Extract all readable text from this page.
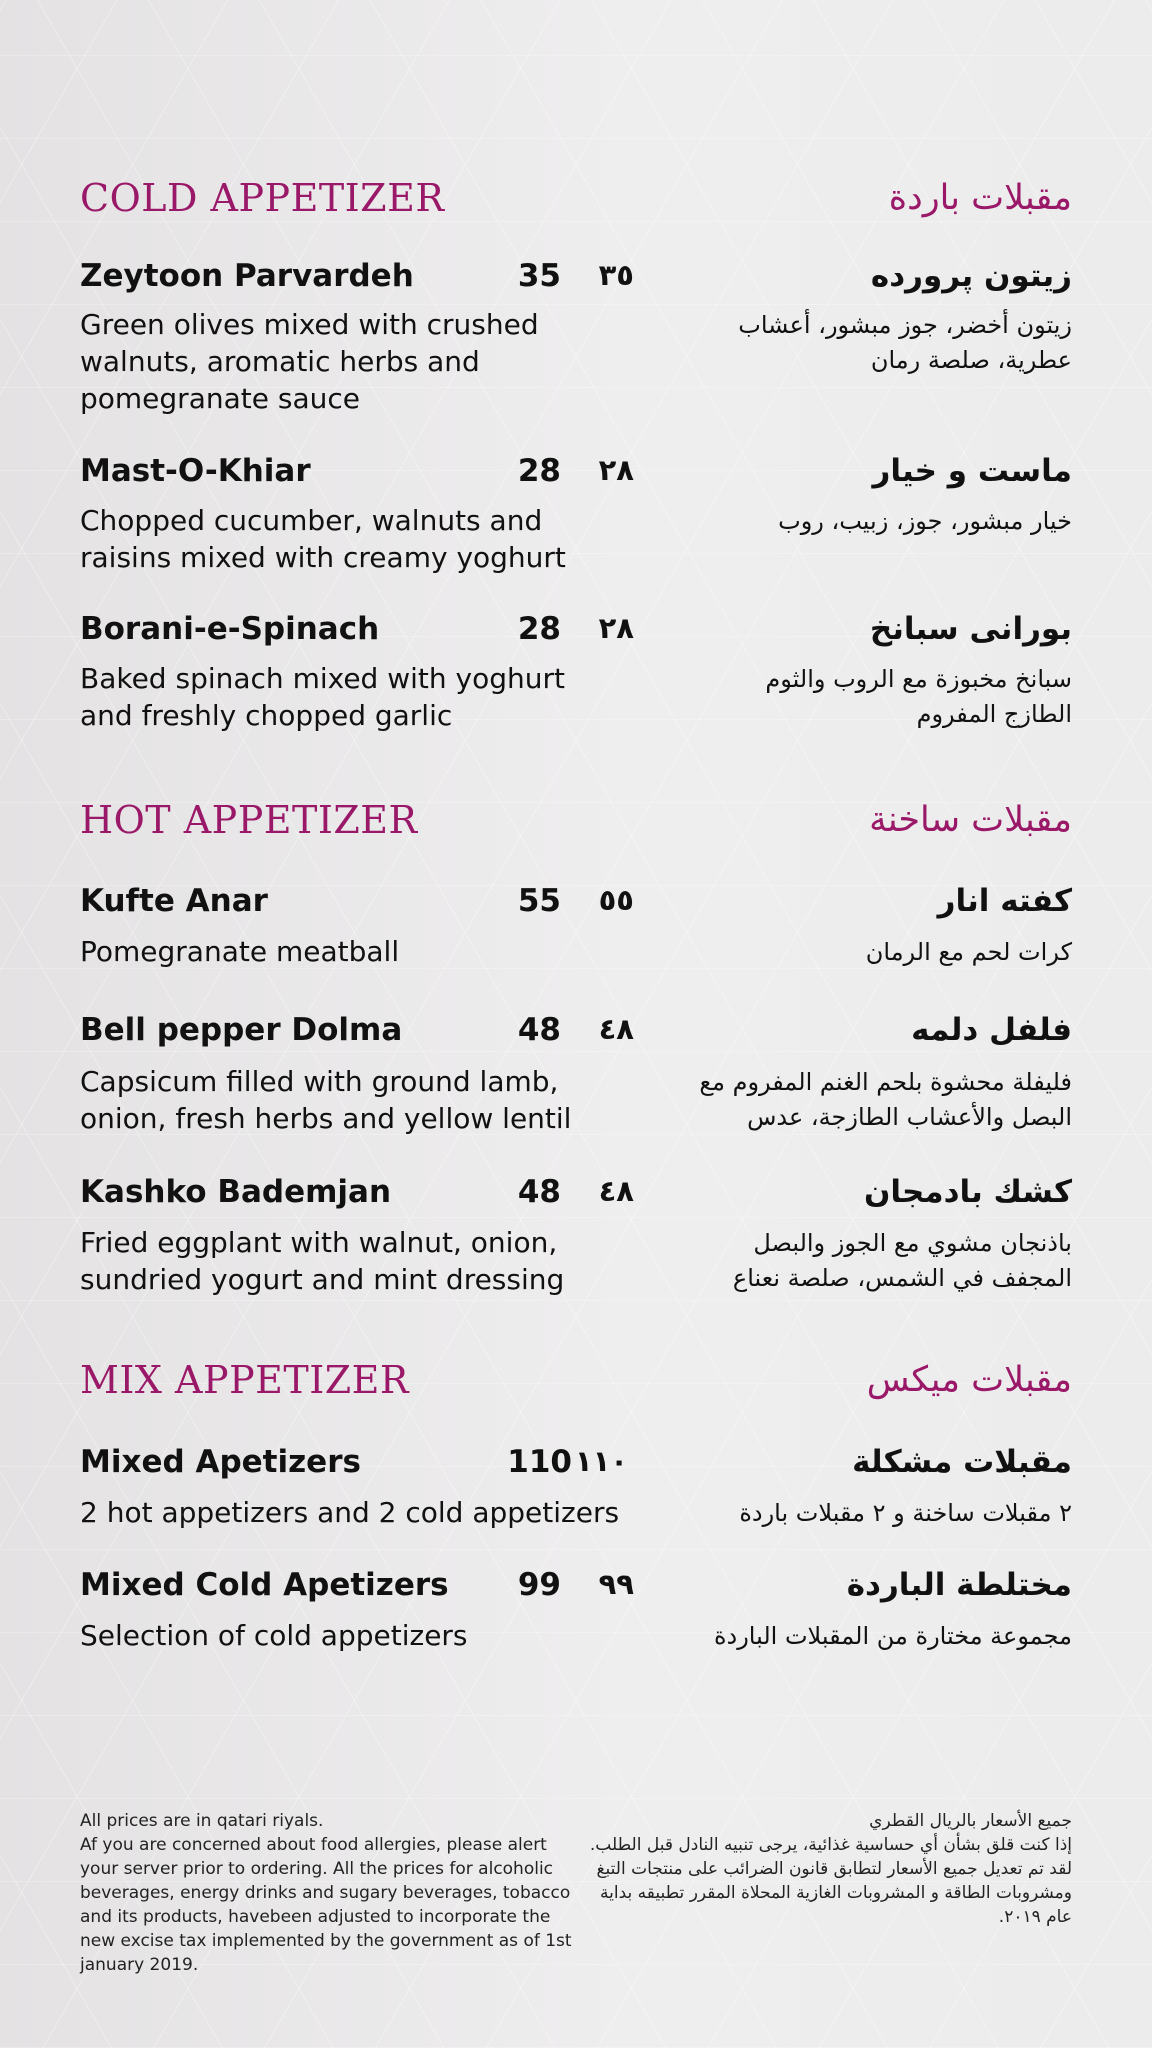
COLD APPETIZER	مقبلات باردة
Zeytoon Parvardeh	35 ٣٥	زيتون پرورده
Green olives mixed with crushed walnuts, aromatic herbs and pomegranate sauce
زيتون أخضر، جوز مبشور، أعشاب عطرية، صلصة رمان
Mast-O-Khiar	28 ٢٨	ماست و خيار
Chopped cucumber, walnuts and raisins mixed with creamy yoghurt
خيار مبشور، جوز، زبيب، روب
Borani-e-Spinach	28 ٢٨	بورانی سبانخ
Baked spinach mixed with yoghurt and freshly chopped garlic
سبانخ مخبوزة مع الروب والثوم الطازج المفروم
HOT APPETIZER	مقبلات ساخنة
Kufte Anar	55 ٥٥	كفته انار
Pomegranate meatball	كرات لحم مع الرمان
Bell pepper Dolma	48 ٤٨	فلفل دلمه
Capsicum filled with ground lamb, onion, fresh herbs and yellow lentil
فليفلة محشوة بلحم الغنم المفروم مع البصل والأعشاب الطازجة، عدس
Kashko Bademjan	48 ٤٨	كشك بادمجان
Fried eggplant with walnut, onion, sundried yogurt and mint dressing
باذنجان مشوي مع الجوز والبصل المجفف في الشمس، صلصة نعناع
MIX APPETIZER	مقبلات ميكس
Mixed Apetizers	110 ١١٠	مقبلات مشكلة
2 hot appetizers and 2 cold appetizers	٢ مقبلات ساخنة و ٢ مقبلات باردة
Mixed Cold Apetizers 99 ٩٩	مختلطة الباردة
Selection of cold appetizers	مجموعة مختارة من المقبلات الباردة
All prices are in qatari riyals.
Af you are concerned about food allergies, please alert your server prior to ordering. All the prices for alcoholic beverages, energy drinks and sugary beverages, tobacco and its products, havebeen adjusted to incorporate the new excise tax implemented by the government as of 1st january 2019.
جميع الأسعار بالريال القطري
إذا كنت قلق بشأن أي حساسية غذائية، يرجى تنبيه النادل قبل الطلب. لقد تم تعديل جميع الأسعار لتطابق قانون الضرائب على منتجات التبغ ومشروبات الطاقة و المشروبات الغازية المحلاة المقرر تطبيقه بداية عام ٢٠١٩.
